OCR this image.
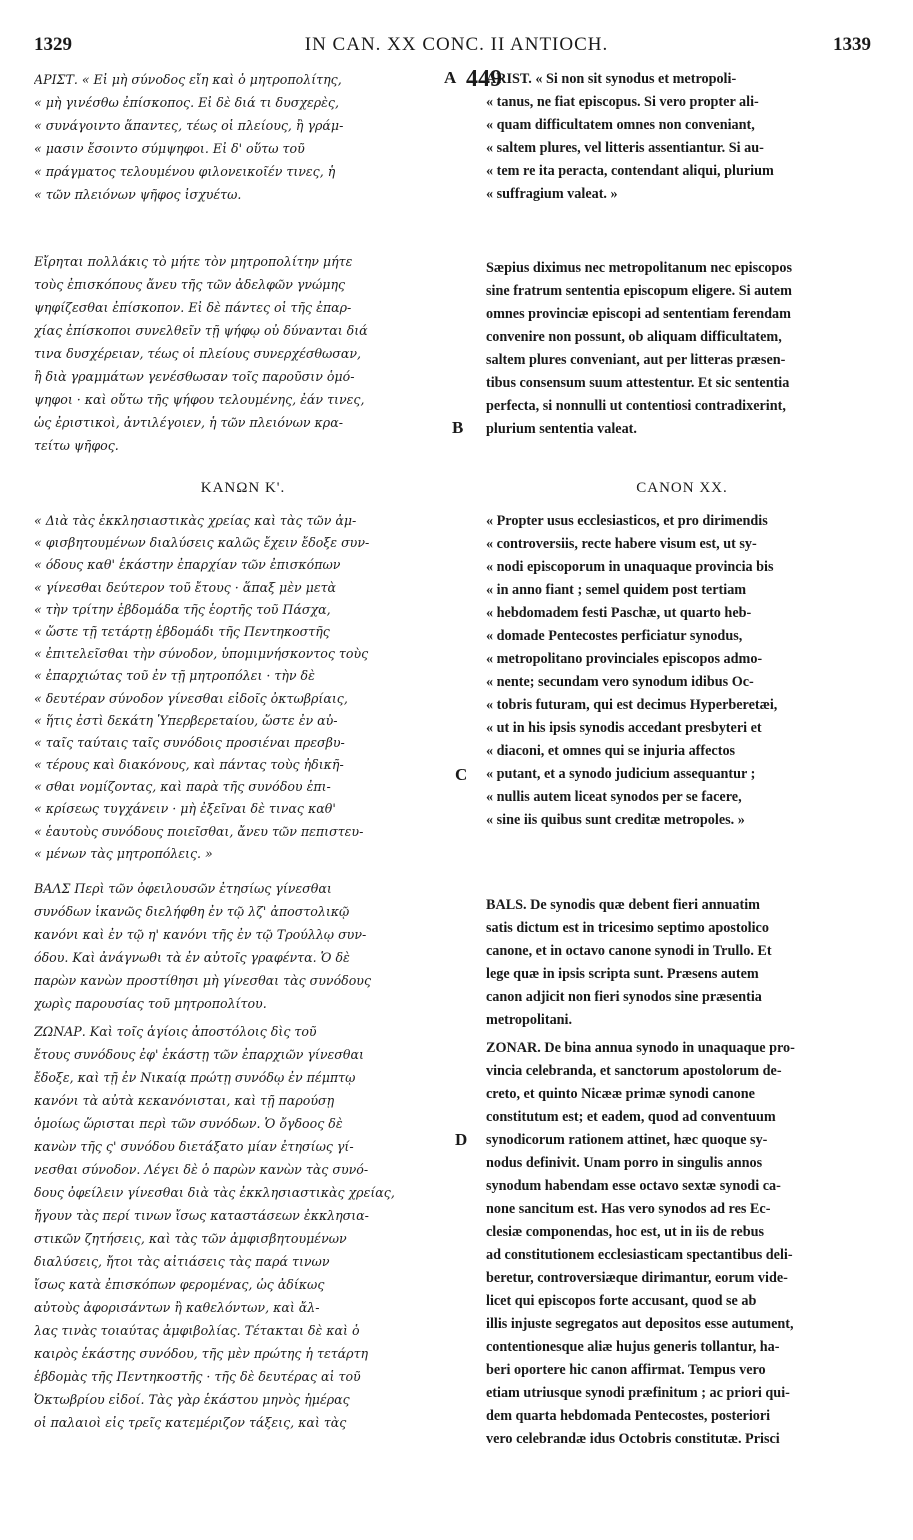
1329	IN CAN. XX CONC. II ANTIOCH.	1339
449
A
B
C
D
ΑΡΙΣΤ. « Εἰ μὴ σύνοδος εἴη καὶ ὁ μητροπολίτης,
« μὴ γινέσθω ἐπίσκοπος. Εἰ δὲ διά τι δυσχερὲς,
« συνάγοιντο ἅπαντες, τέως οἱ πλείους, ἢ γράμ-
« μασιν ἔσοιντο σύμψηφοι. Εἰ δ' οὕτω τοῦ
« πράγματος τελουμένου φιλονεικοῖέν τινες, ἡ
« τῶν πλειόνων ψῆφος ἰσχυέτω.
Εἴρηται πολλάκις τὸ μήτε τὸν μητροπολίτην μήτε
τοὺς ἐπισκόπους ἄνευ τῆς τῶν ἀδελφῶν γνώμης
ψηφίζεσθαι ἐπίσκοπον. Εἰ δὲ πάντες οἱ τῆς ἐπαρ-
χίας ἐπίσκοποι συνελθεῖν τῇ ψήφῳ οὐ δύνανται διά
τινα δυσχέρειαν, τέως οἱ πλείους συνερχέσθωσαν,
ἢ διὰ γραμμάτων γενέσθωσαν τοῖς παροῦσιν ὁμό-
ψηφοι · καὶ οὕτω τῆς ψήφου τελουμένης, ἐάν τινες,
ὡς ἐριστικοὶ, ἀντιλέγοιεν, ἡ τῶν πλειόνων κρα-
τείτω ψῆφος.
ΚΑΝΩΝ Κ'.
« Διὰ τὰς ἐκκλησιαστικὰς χρείας καὶ τὰς τῶν ἀμ-
« φισβητουμένων διαλύσεις καλῶς ἔχειν ἔδοξε συν-
« όδους καθ' ἑκάστην ἐπαρχίαν τῶν ἐπισκόπων
« γίνεσθαι δεύτερον τοῦ ἔτους · ἅπαξ μὲν μετὰ
« τὴν τρίτην ἑβδομάδα τῆς ἑορτῆς τοῦ Πάσχα,
« ὥστε τῇ τετάρτῃ ἑβδομάδι τῆς Πεντηκοστῆς
« ἐπιτελεῖσθαι τὴν σύνοδον, ὑπομιμνήσκοντος τοὺς
« ἐπαρχιώτας τοῦ ἐν τῇ μητροπόλει · τὴν δὲ
« δευτέραν σύνοδον γίνεσθαι εἰδοῖς ὀκτωβρίαις,
« ἥτις ἐστὶ δεκάτη Ὑπερβερεταίου, ὥστε ἐν αὐ-
« ταῖς ταύταις ταῖς συνόδοις προσιέναι πρεσβυ-
« τέρους καὶ διακόνους, καὶ πάντας τοὺς ἠδικῆ-
« σθαι νομίζοντας, καὶ παρὰ τῆς συνόδου ἐπι-
« κρίσεως τυγχάνειν · μὴ ἐξεῖναι δὲ τινας καθ'
« ἑαυτοὺς συνόδους ποιεῖσθαι, ἄνευ τῶν πεπιστευ-
« μένων τὰς μητροπόλεις. »
ΒΑΛΣ Περὶ τῶν ὀφειλουσῶν ἐτησίως γίνεσθαι
συνόδων ἱκανῶς διελήφθη ἐν τῷ λζ' ἀποστολικῷ
κανόνι καὶ ἐν τῷ η' κανόνι τῆς ἐν τῷ Τρούλλῳ συν-
όδου. Καὶ ἀνάγνωθι τὰ ἐν αὐτοῖς γραφέντα. Ὁ δὲ
παρὼν κανὼν προστίθησι μὴ γίνεσθαι τὰς συνόδους
χωρὶς παρουσίας τοῦ μητροπολίτου.
ΖΩΝΑΡ. Καὶ τοῖς ἁγίοις ἀποστόλοις δὶς τοῦ
ἔτους συνόδους ἐφ' ἑκάστῃ τῶν ἐπαρχιῶν γίνεσθαι
ἔδοξε, καὶ τῇ ἐν Νικαίᾳ πρώτῃ συνόδῳ ἐν πέμπτῳ
κανόνι τὰ αὐτὰ κεκανόνισται, καὶ τῇ παρούσῃ
ὁμοίως ὥρισται περὶ τῶν συνόδων. Ὁ ὄγδοος δὲ
κανὼν τῆς ς' συνόδου διετάξατο μίαν ἐτησίως γί-
νεσθαι σύνοδον. Λέγει δὲ ὁ παρὼν κανὼν τὰς συνό-
δους ὀφείλειν γίνεσθαι διὰ τὰς ἐκκλησιαστικὰς χρείας,
ἤγουν τὰς περί τινων ἴσως καταστάσεων ἐκκλησια-
στικῶν ζητήσεις, καὶ τὰς τῶν ἀμφισβητουμένων
διαλύσεις, ἤτοι τὰς αἰτιάσεις τὰς παρά τινων
ἴσως κατὰ ἐπισκόπων φερομένας, ὡς ἀδίκως
αὐτοὺς ἀφορισάντων ἢ καθελόντων, καὶ ἄλ-
λας τινὰς τοιαύτας ἀμφιβολίας. Τέτακται δὲ καὶ ὁ
καιρὸς ἑκάστης συνόδου, τῆς μὲν πρώτης ἡ τετάρτη
ἑβδομὰς τῆς Πεντηκοστῆς · τῆς δὲ δευτέρας αἱ τοῦ
Ὀκτωβρίου εἰδοί. Τὰς γὰρ ἑκάστου μηνὸς ἡμέρας
οἱ παλαιοὶ εἰς τρεῖς κατεμέριζον τάξεις, καὶ τὰς
ARIST. « Si non sit synodus et metropoli-
« tanus, ne fiat episcopus. Si vero propter ali-
« quam difficultatem omnes non conveniant,
« saltem plures, vel litteris assentiantur. Si au-
« tem re ita peracta, contendant aliqui, plurium
« suffragium valeat. »
Sæpius diximus nec metropolitanum nec episcopos
sine fratrum sententia episcopum eligere. Si autem
omnes provinciæ episcopi ad sententiam ferendam
convenire non possunt, ob aliquam difficultatem,
saltem plures conveniant, aut per litteras præsen-
tibus consensum suum attestentur. Et sic sententia
perfecta, si nonnulli ut contentiosi contradixerint,
plurium sententia valeat.
CANON XX.
« Propter usus ecclesiasticos, et pro dirimendis
« controversiis, recte habere visum est, ut sy-
« nodi episcoporum in unaquaque provincia bis
« in anno fiant ; semel quidem post tertiam
« hebdomadem festi Paschæ, ut quarto heb-
« domade Pentecostes perficiatur synodus,
« metropolitano provinciales episcopos admo-
« nente; secundam vero synodum idibus Oc-
« tobris futuram, qui est decimus Hyperberetæi,
« ut in his ipsis synodis accedant presbyteri et
« diaconi, et omnes qui se injuria affectos
« putant, et a synodo judicium assequantur ;
« nullis autem liceat synodos per se facere,
« sine iis quibus sunt creditæ metropoles. »
BALS. De synodis quæ debent fieri annuatim
satis dictum est in tricesimo septimo apostolico
canone, et in octavo canone synodi in Trullo. Et
lege quæ in ipsis scripta sunt. Præsens autem
canon adjicit non fieri synodos sine præsentia
metropolitani.
ZONAR. De bina annua synodo in unaquaque pro-
vincia celebranda, et sanctorum apostolorum de-
creto, et quinto Nicææ primæ synodi canone
constitutum est; et eadem, quod ad conventuum
synodicorum rationem attinet, hæc quoque sy-
nodus definivit. Unam porro in singulis annos
synodum habendam esse octavo sextæ synodi ca-
none sancitum est. Has vero synodos ad res Ec-
clesiæ componendas, hoc est, ut in iis de rebus
ad constitutionem ecclesiasticam spectantibus deli-
beretur, controversiæque dirimantur, eorum vide-
licet qui episcopos forte accusant, quod se ab
illis injuste segregatos aut depositos esse autument,
contentionesque aliæ hujus generis tollantur, ha-
beri oportere hic canon affirmat. Tempus vero
etiam utriusque synodi præfinitum ; ac priori qui-
dem quarta hebdomada Pentecostes, posteriori
vero celebrandæ idus Octobris constitutæ. Prisci
